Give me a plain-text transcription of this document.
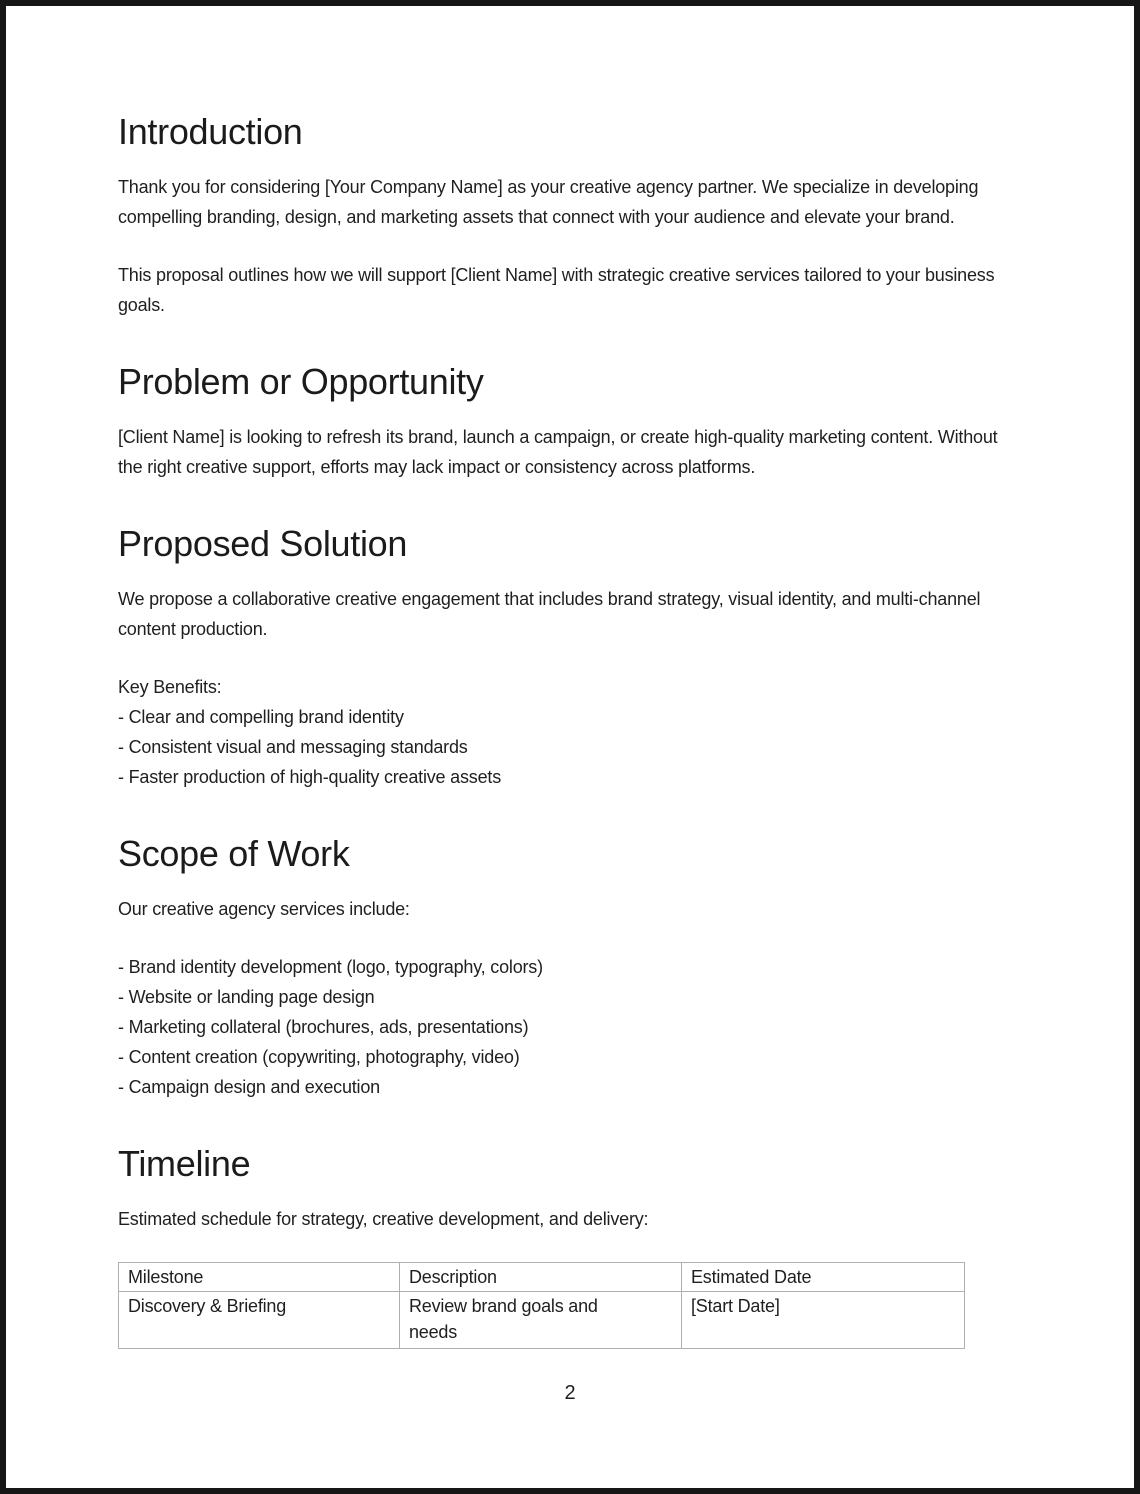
Introduction

Thank you for considering [Your Company Name] as your creative agency partner. We specialize in developing compelling branding, design, and marketing assets that connect with your audience and elevate your brand.

This proposal outlines how we will support [Client Name] with strategic creative services tailored to your business goals.

Problem or Opportunity

[Client Name] is looking to refresh its brand, launch a campaign, or create high-quality marketing content. Without the right creative support, efforts may lack impact or consistency across platforms.

Proposed Solution

We propose a collaborative creative engagement that includes brand strategy, visual identity, and multi-channel content production.

Key Benefits:
- Clear and compelling brand identity
- Consistent visual and messaging standards
- Faster production of high-quality creative assets
Scope of Work

Our creative agency services include:

- Brand identity development (logo, typography, colors)
- Website or landing page design
- Marketing collateral (brochures, ads, presentations)
- Content creation (copywriting, photography, video)
- Campaign design and execution
Timeline

Estimated schedule for strategy, creative development, and delivery:

Milestone	Description	Estimated Date
Discovery & Briefing	Review brand goals and needs	[Start Date]
2
